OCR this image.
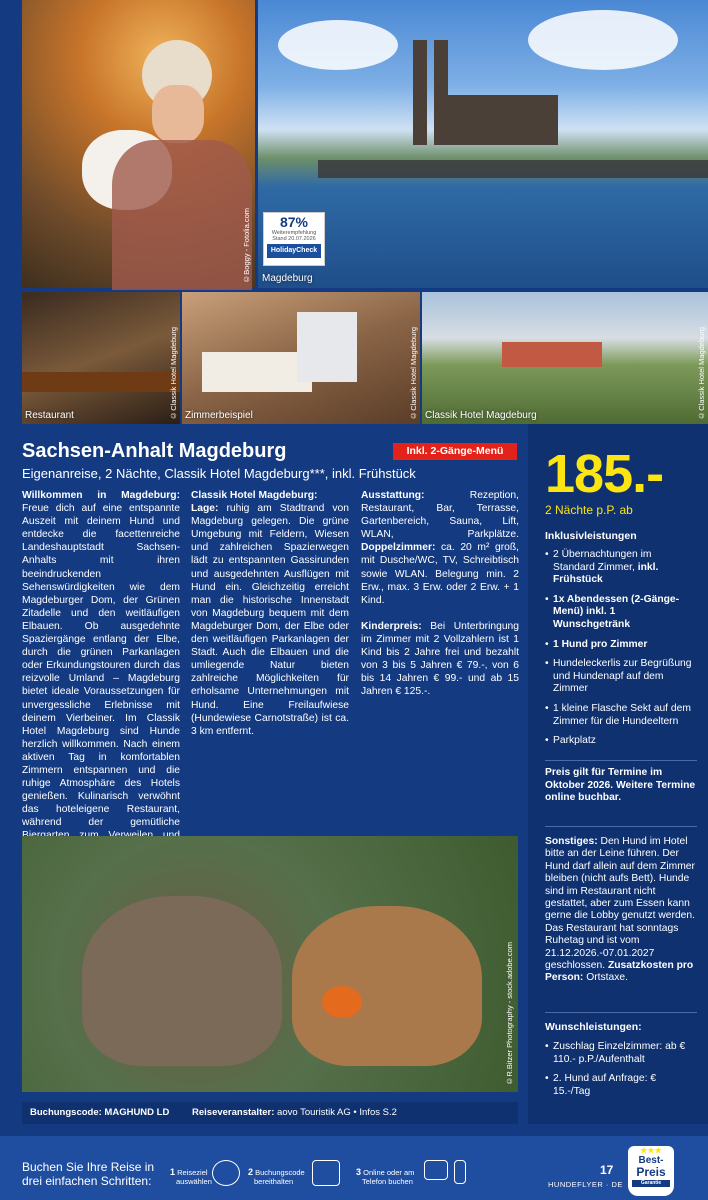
©Boggy - Fotolia.com Magdeburg
87%
Weiterempfehlung
Stand 20.07.2026
HolidayCheck
Restaurant	©Classik Hotel Magdeburg Zimmerbeispiel	©Classik Hotel Magdeburg Classik Hotel Magdeburg	©Classik Hotel Magdeburg
Sachsen-Anhalt Magdeburg	Inkl. 2-Gänge-Menü
Eigenanreise, 2 Nächte, Classik Hotel Magdeburg***, inkl. Frühstück
Willkommen in Magdeburg: Freue dich auf eine entspannte Auszeit mit deinem Hund und entdecke die facettenreiche Landeshauptstadt Sachsen-Anhalts mit ihren beeindruckenden Sehenswürdigkeiten wie dem Magdeburger Dom, der Grünen Zitadelle und den weitläufigen Elbauen. Ob ausgedehnte Spaziergänge entlang der Elbe, durch die grünen Parkanlagen oder Erkundungstouren durch das reizvolle Umland – Magdeburg bietet ideale Voraussetzungen für unvergessliche Erlebnisse mit deinem Vierbeiner. Im Classik Hotel Magdeburg sind Hunde herzlich willkommen. Nach einem aktiven Tag in komfortablen Zimmern entspannen und die ruhige Atmosphäre des Hotels genießen. Kulinarisch verwöhnt das hoteleigene Restaurant, während der gemütliche

Classik Hotel Magdeburg:
Lage: ruhig am Stadtrand von Magdeburg gelegen. Die grüne Umgebung mit Feldern, Wiesen und zahlreichen Spazierwegen lädt zu entspannten Gassirunden und ausgedehnten Ausflügen mit Hund ein. Gleichzeitig erreicht man die historische Innenstadt von Magdeburg bequem mit dem Magdeburger Dom, der Elbe oder den weitläufigen Parkanlagen der Stadt. Auch die Elbauen und die umliegende Natur bieten zahlreiche Möglichkeiten für erholsame Unternehmungen mit Hund. Eine Freilaufwiese (Hundewiese Carnotstraße) ist ca. 3 km entfernt.

Ausstattung: Rezeption, Restaurant, Bar, Terrasse, Gartenbereich, Sauna, Lift, WLAN, Parkplätze. Doppelzimmer: ca. 20 m² groß, mit Dusche/WC, TV, Schreibtisch sowie WLAN. Belegung min. 2 Erw., max. 3 Erw. oder 2 Erw. + 1 Kind.

Kinderpreis: Bei Unterbringung im Zimmer mit 2 Vollzahlern ist 1 Kind bis 2 Jahre frei und bezahlt von 3 bis 5 Jahren € 79.-, von 6 bis 14 Jahren € 99.- und ab 15 Jahren € 125.-.

185.-
2 Nächte p.P. ab
Inklusivleistungen
• 2 Übernachtungen im Standard Zimmer, inkl. Frühstück
• 1x Abendessen (2-Gänge-Menü) inkl. 1 Wunschgetränk
• 1 Hund pro Zimmer
• Hundeleckerlis zur Begrüßung und Hundenapf auf dem Zimmer
• 1 kleine Flasche Sekt auf dem Zimmer für die Hundeeltern
• Parkplatz
Preis gilt für Termine im Oktober 2026. Weitere Termine online buchbar.
Sonstiges: Den Hund im Hotel bitte an der Leine führen. Der Hund darf allein auf dem Zimmer bleiben (nicht aufs Bett). Hunde sind im Restaurant nicht gestattet, aber zum Essen kann gerne die Lobby genutzt werden. Das Restaurant hat sonntags Ruhetag und ist vom 21.12.2026.-07.01.2027 geschlossen. Zusatzkosten pro Person: Ortstaxe.
Wunschleistungen:
• Zuschlag Einzelzimmer: ab € 110.- p.P./Aufenthalt
• 2. Hund auf Anfrage: € 15.-/Tag
©R.Bitzer Photography - stock.adobe.com
Buchungscode: MAGHUND LD Reiseveranstalter: aovo Touristik AG • Infos S.2
Buchen Sie Ihre Reise in
drei einfachen Schritten:
1 Reiseziel
auswählen
2 Buchungscode
bereithalten
3 Online oder am
Telefon buchen
17
HUNDEFLYER · DE
★★★
Best-
Preis
Garantie
